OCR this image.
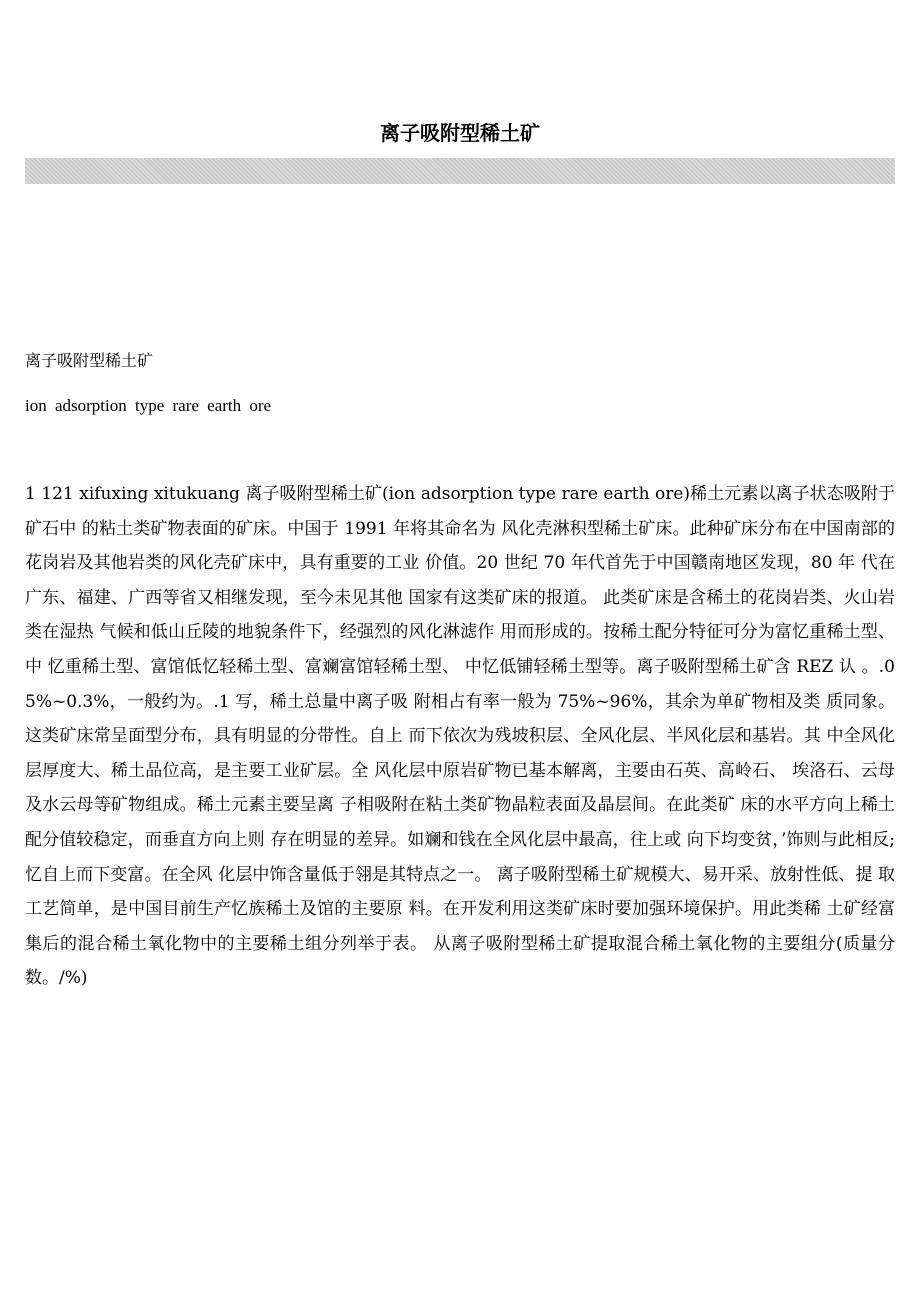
离子吸附型稀土矿

离子吸附型稀土矿

ion adsorption type rare earth ore

1 121 xifuxing xitukuang 离子吸附型稀土矿(ion adsorption type rare earth ore)稀土元素以离子状态吸附于矿石中 的粘土类矿物表面的矿床。中国于 1991 年将其命名为 风化壳淋积型稀土矿床。此种矿床分布在中国南部的 花岗岩及其他岩类的风化壳矿床中，具有重要的工业 价值。20 世纪 70 年代首先于中国赣南地区发现，80 年 代在广东、福建、广西等省又相继发现，至今未见其他 国家有这类矿床的报道。 此类矿床是含稀土的花岗岩类、火山岩类在湿热 气候和低山丘陵的地貌条件下，经强烈的风化淋滤作 用而形成的。按稀土配分特征可分为富忆重稀土型、中 忆重稀土型、富馆低忆轻稀土型、富斓富馆轻稀土型、 中忆低铺轻稀土型等。离子吸附型稀土矿含 REZ 认 。.05%~0.3%，一般约为。.1 写，稀土总量中离子吸 附相占有率一般为 75%~96%，其余为单矿物相及类 质同象。 这类矿床常呈面型分布，具有明显的分带性。自上 而下依次为残坡积层、全风化层、半风化层和基岩。其 中全风化层厚度大、稀土品位高，是主要工业矿层。全 风化层中原岩矿物已基本解离，主要由石英、高岭石、 埃洛石、云母及水云母等矿物组成。稀土元素主要呈离 子相吸附在粘土类矿物晶粒表面及晶层间。在此类矿 床的水平方向上稀土配分值较稳定，而垂直方向上则 存在明显的差异。如斓和钱在全风化层中最高，往上或 向下均变贫，’饰则与此相反;忆自上而下变富。在全风 化层中饰含量低于翎是其特点之一。 离子吸附型稀土矿规模大、易开采、放射性低、提 取工艺简单，是中国目前生产忆族稀土及馆的主要原 料。在开发利用这类矿床时要加强环境保护。用此类稀 土矿经富集后的混合稀土氧化物中的主要稀土组分列举于表。 从离子吸附型稀土矿提取混合稀土氧化物的主要组分(质量分数。/%)
